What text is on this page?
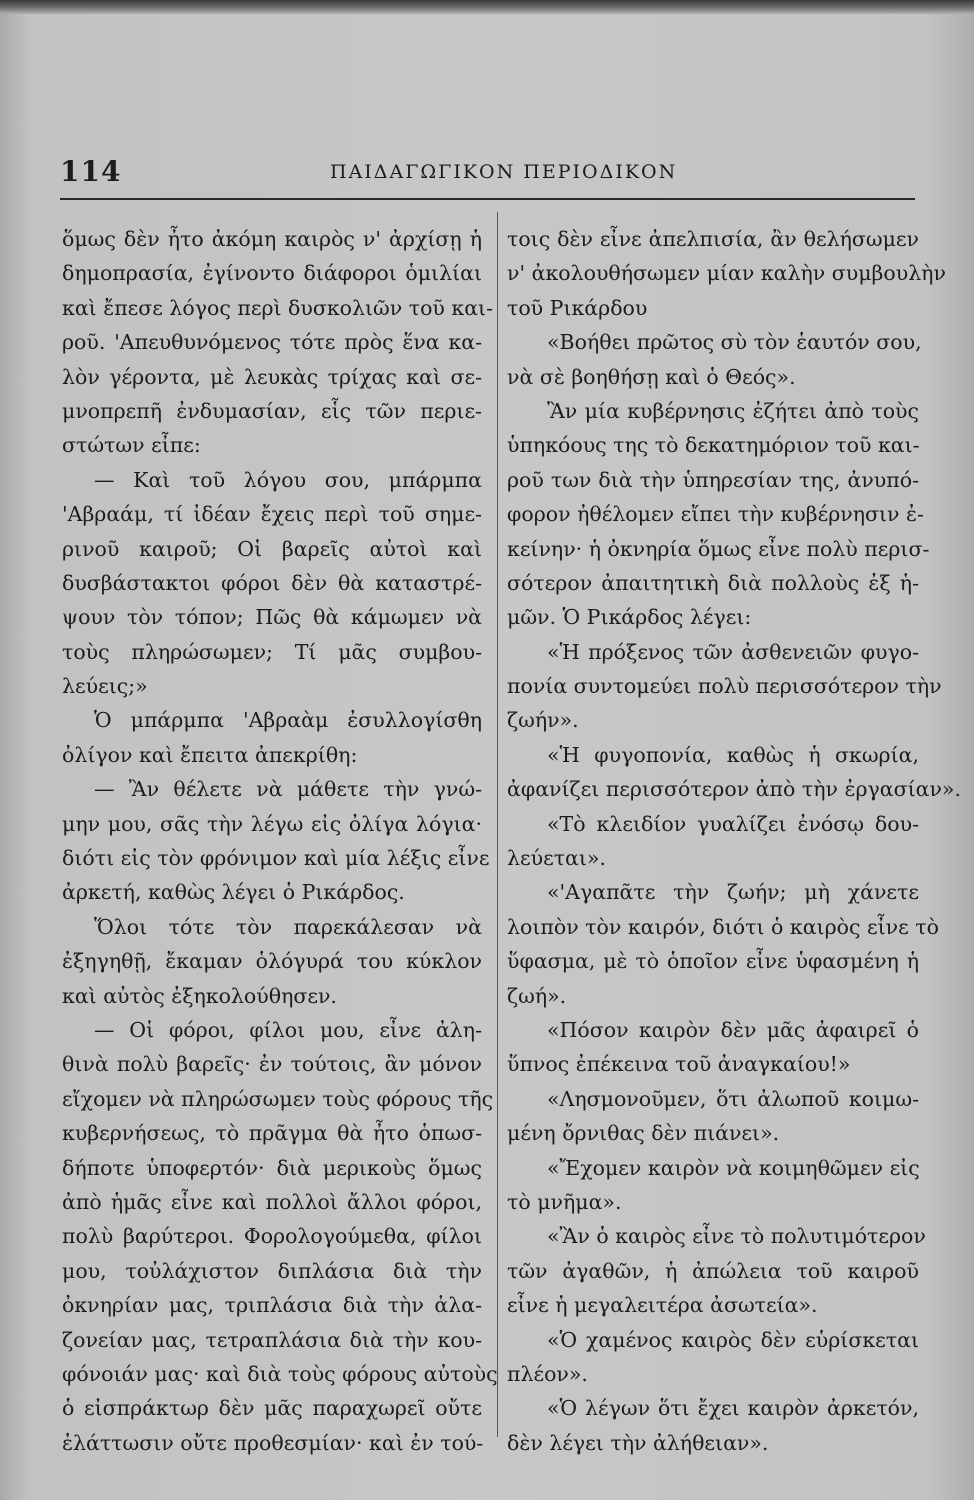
114	ΠΑΙΔΑΓΩΓΙΚΟΝ ΠΕΡΙΟΔΙΚΟΝ
ὅμως δὲν ἦτο ἀκόμη καιρὸς ν' ἀρχίσῃ ἡ
δημοπρασία, ἐγίνοντο διάφοροι ὁμιλίαι
καὶ ἔπεσε λόγος περὶ δυσκολιῶν τοῦ και-
ροῦ. 'Απευθυνόμενος τότε πρὸς ἕνα κα-
λὸν γέροντα, μὲ λευκὰς τρίχας καὶ σε-
μνοπρεπῆ ἐνδυμασίαν, εἷς τῶν περιε-
στώτων εἶπε:
— Καὶ τοῦ λόγου σου, μπάρμπα
'Αβραάμ, τί ἰδέαν ἔχεις περὶ τοῦ σημε-
ρινοῦ καιροῦ; Οἱ βαρεῖς αὐτοὶ καὶ
δυσβάστακτοι φόροι δὲν θὰ καταστρέ-
ψουν τὸν τόπον; Πῶς θὰ κάμωμεν νὰ
τοὺς πληρώσωμεν; Τί μᾶς συμβου-
λεύεις;»
Ὁ μπάρμπα 'Αβραὰμ ἐσυλλογίσθη
ὀλίγον καὶ ἔπειτα ἀπεκρίθη:
— Ἂν θέλετε νὰ μάθετε τὴν γνώ-
μην μου, σᾶς τὴν λέγω εἰς ὀλίγα λόγια·
διότι εἰς τὸν φρόνιμον καὶ μία λέξις εἶνε
ἀρκετή, καθὼς λέγει ὁ Ρικάρδος.
Ὅλοι τότε τὸν παρεκάλεσαν νὰ
ἐξηγηθῇ, ἔκαμαν ὁλόγυρά του κύκλον
καὶ αὐτὸς ἐξηκολούθησεν.
— Οἱ φόροι, φίλοι μου, εἶνε ἀλη-
θινὰ πολὺ βαρεῖς· ἐν τούτοις, ἂν μόνον
εἴχομεν νὰ πληρώσωμεν τοὺς φόρους τῆς
κυβερνήσεως, τὸ πρᾶγμα θὰ ἦτο ὁπωσ-
δήποτε ὑποφερτόν· διὰ μερικοὺς ὅμως
ἀπὸ ἡμᾶς εἶνε καὶ πολλοὶ ἄλλοι φόροι,
πολὺ βαρύτεροι. Φορολογούμεθα, φίλοι
μου, τοὐλάχιστον διπλάσια διὰ τὴν
ὀκνηρίαν μας, τριπλάσια διὰ τὴν ἀλα-
ζονείαν μας, τετραπλάσια διὰ τὴν κου-
φόνοιάν μας· καὶ διὰ τοὺς φόρους αὐτοὺς
ὁ εἰσπράκτωρ δὲν μᾶς παραχωρεῖ οὔτε
ἐλάττωσιν οὔτε προθεσμίαν· καὶ ἐν τού-
τοις δὲν εἶνε ἀπελπισία, ἂν θελήσωμεν
ν' ἀκολουθήσωμεν μίαν καλὴν συμβουλὴν
τοῦ Ρικάρδου
«Βοήθει πρῶτος σὺ τὸν ἑαυτόν σου,
νὰ σὲ βοηθήσῃ καὶ ὁ Θεός».
Ἂν μία κυβέρνησις ἐζήτει ἀπὸ τοὺς
ὑπηκόους της τὸ δεκατημόριον τοῦ και-
ροῦ των διὰ τὴν ὑπηρεσίαν της, ἀνυπό-
φορον ἠθέλομεν εἴπει τὴν κυβέρνησιν ἐ-
κείνην· ἡ ὀκνηρία ὅμως εἶνε πολὺ περισ-
σότερον ἀπαιτητικὴ διὰ πολλοὺς ἐξ ἡ-
μῶν. Ὁ Ρικάρδος λέγει:
«Ἡ πρόξενος τῶν ἀσθενειῶν φυγο-
πονία συντομεύει πολὺ περισσότερον τὴν
ζωήν».
«Ἡ φυγοπονία, καθὼς ἡ σκωρία,
ἀφανίζει περισσότερον ἀπὸ τὴν ἐργασίαν».
«Τὸ κλειδίον γυαλίζει ἐνόσῳ δου-
λεύεται».
«'Αγαπᾶτε τὴν ζωήν; μὴ χάνετε
λοιπὸν τὸν καιρόν, διότι ὁ καιρὸς εἶνε τὸ
ὕφασμα, μὲ τὸ ὁποῖον εἶνε ὑφασμένη ἡ
ζωή».
«Πόσον καιρὸν δὲν μᾶς ἀφαιρεῖ ὁ
ὕπνος ἐπέκεινα τοῦ ἀναγκαίου!»
«Λησμονοῦμεν, ὅτι ἀλωποῦ κοιμω-
μένη ὄρνιθας δὲν πιάνει».
«Ἔχομεν καιρὸν νὰ κοιμηθῶμεν εἰς
τὸ μνῆμα».
«Ἂν ὁ καιρὸς εἶνε τὸ πολυτιμότερον
τῶν ἀγαθῶν, ἡ ἀπώλεια τοῦ καιροῦ
εἶνε ἡ μεγαλειτέρα ἀσωτεία».
«Ὁ χαμένος καιρὸς δὲν εὑρίσκεται
πλέον».
«Ὁ λέγων ὅτι ἔχει καιρὸν ἀρκετόν,
δὲν λέγει τὴν ἀλήθειαν».
